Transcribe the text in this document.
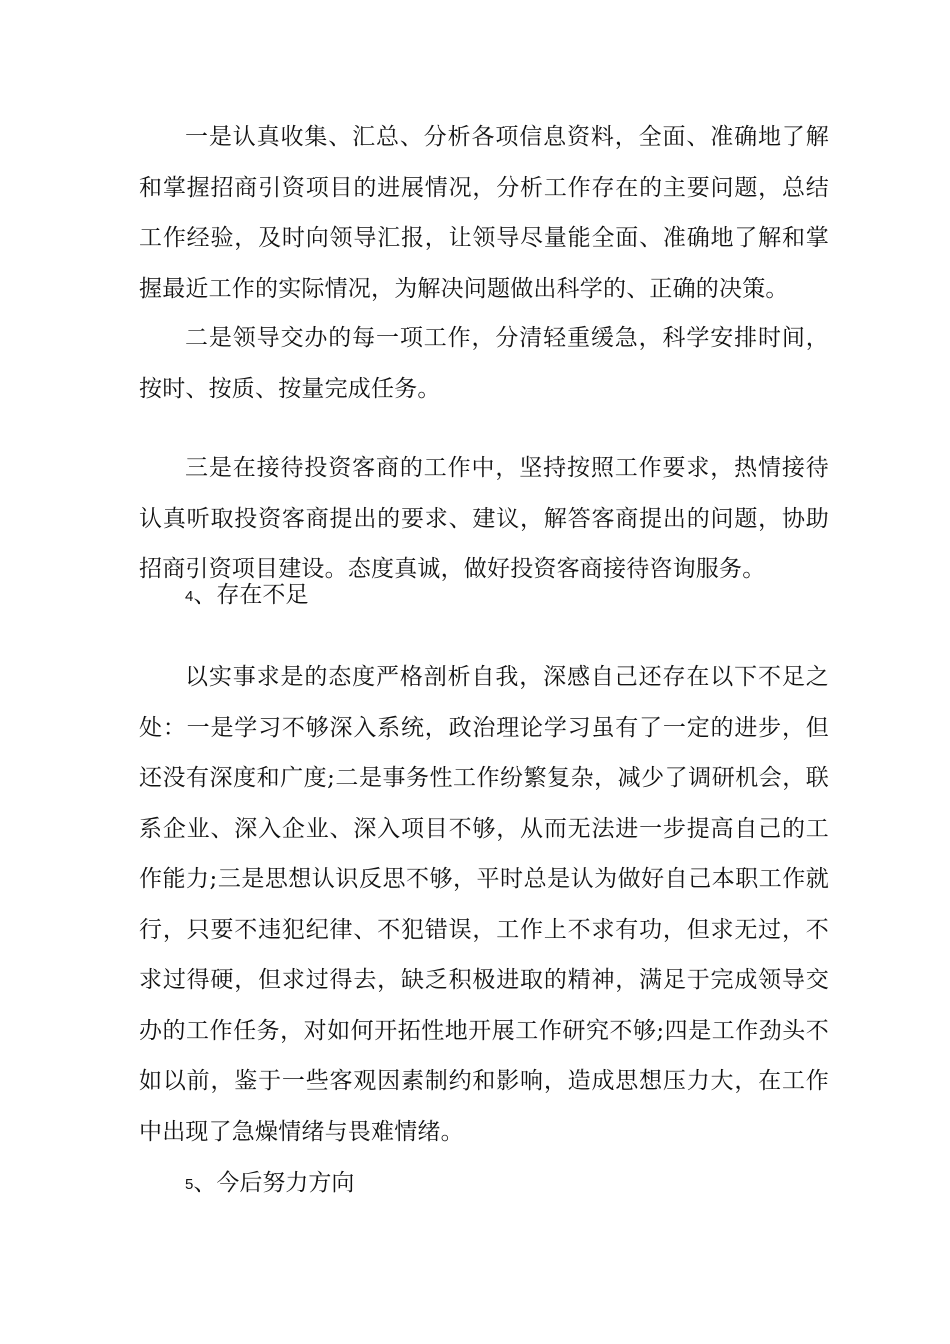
一是认真收集、汇总、分析各项信息资料，全面、准确地了解和掌握招商引资项目的进展情况，分析工作存在的主要问题，总结工作经验，及时向领导汇报，让领导尽量能全面、准确地了解和掌握最近工作的实际情况，为解决问题做出科学的、正确的决策。

二是领导交办的每一项工作，分清轻重缓急，科学安排时间，按时、按质、按量完成任务。

三是在接待投资客商的工作中，坚持按照工作要求，热情接待认真听取投资客商提出的要求、建议，解答客商提出的问题，协助招商引资项目建设。态度真诚，做好投资客商接待咨询服务。

4、存在不足

以实事求是的态度严格剖析自我，深感自己还存在以下不足之处：一是学习不够深入系统，政治理论学习虽有了一定的进步，但还没有深度和广度;二是事务性工作纷繁复杂，减少了调研机会，联系企业、深入企业、深入项目不够，从而无法进一步提高自己的工作能力;三是思想认识反思不够，平时总是认为做好自己本职工作就行，只要不违犯纪律、不犯错误，工作上不求有功，但求无过，不求过得硬，但求过得去，缺乏积极进取的精神，满足于完成领导交办的工作任务，对如何开拓性地开展工作研究不够;四是工作劲头不如以前，鉴于一些客观因素制约和影响，造成思想压力大，在工作中出现了急燥情绪与畏难情绪。

5、今后努力方向
